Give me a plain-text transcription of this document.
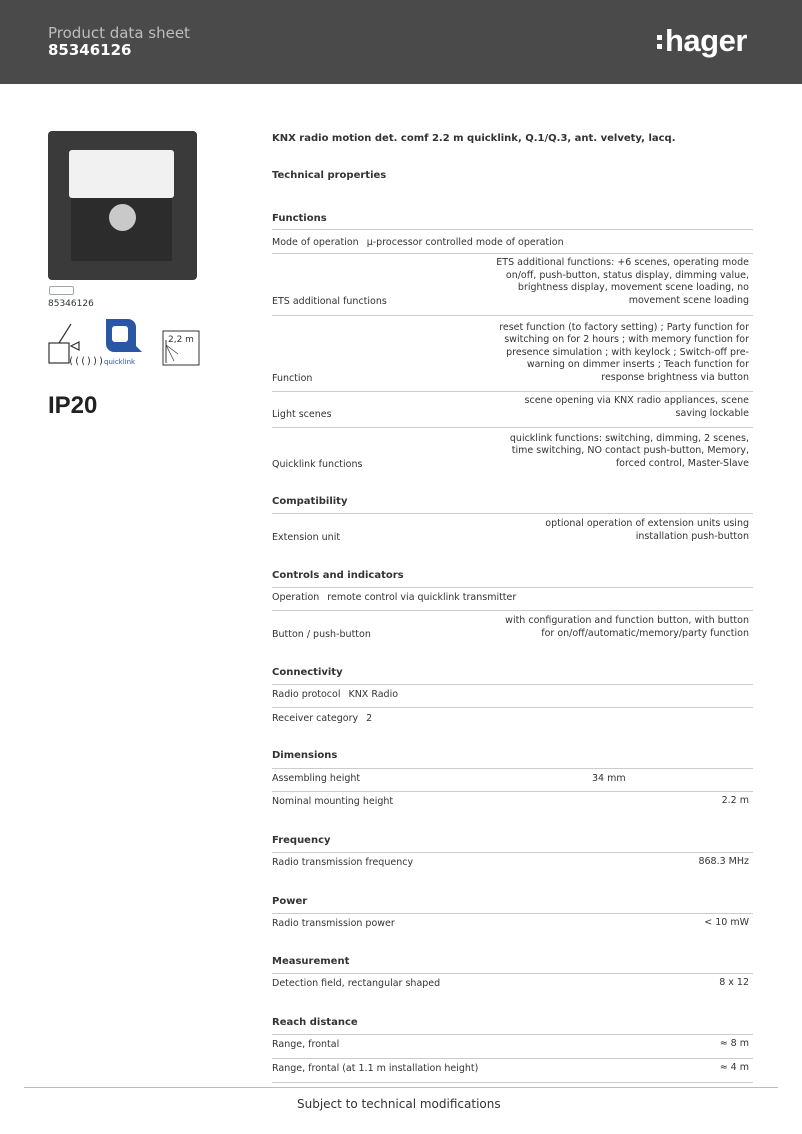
Product data sheet
85346126	hager
85346126
((())) quicklink
2,2 m
IP20
KNX radio motion det. comf 2.2 m quicklink, Q.1/Q.3, ant. velvety, lacq.
Technical properties
Functions
Mode of operation µ-processor controlled mode of operation
ETS additional functions
ETS additional functions: +6 scenes, operating mode
on/off, push-button, status display, dimming value,
brightness display, movement scene loading, no
movement scene loading
Function
reset function (to factory setting) ; Party function for
switching on for 2 hours ; with memory function for
presence simulation ; with keylock ; Switch-off pre-
warning on dimmer inserts ; Teach function for
response brightness via button
Light scenes
scene opening via KNX radio appliances, scene
saving lockable
Quicklink functions
quicklink functions: switching, dimming, 2 scenes,
time switching, NO contact push-button, Memory,
forced control, Master-Slave
Compatibility
Extension unit
optional operation of extension units using
installation push-button
Controls and indicators
Operation remote control via quicklink transmitter
Button / push-button
with configuration and function button, with button
for on/off/automatic/memory/party function
Connectivity
Radio protocol KNX Radio
Receiver category 2
Dimensions
Assembling height	34 mm
Nominal mounting height	2.2 m
Frequency
Radio transmission frequency	868.3 MHz
Power
Radio transmission power	< 10 mW
Measurement
Detection field, rectangular shaped	8 x 12
Reach distance
Range, frontal	≈ 8 m
Range, frontal (at 1.1 m installation height)	≈ 4 m
Subject to technical modifications
